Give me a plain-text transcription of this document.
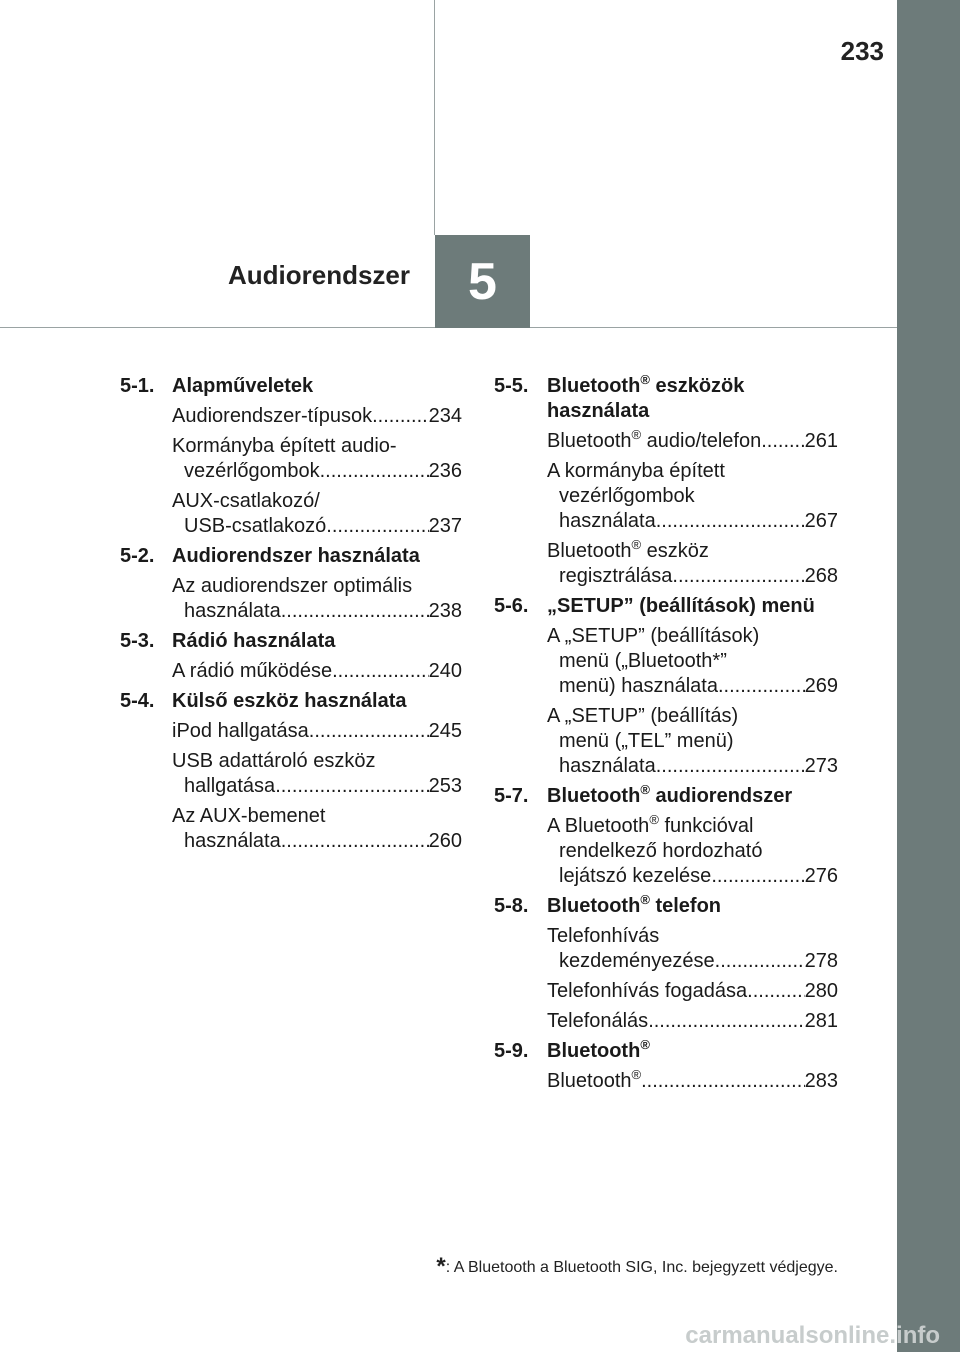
233
Audiorendszer 5
5-1. Alapműveletek
Audiorendszer-típusok .....	234
Kormányba épített audio-
vezérlőgombok .....	236
AUX-csatlakozó/
USB-csatlakozó .....	237
5-2. Audiorendszer használata
Az audiorendszer optimális
használata .....	238
5-3. Rádió használata
A rádió működése .....	240
5-4. Külső eszköz használata
iPod hallgatása .....	245
USB adattároló eszköz
hallgatása .....	253
Az AUX-bemenet
használata .....	260
5-5. Bluetooth® eszközök
használata
Bluetooth® audio/telefon ..... 261
A kormányba épített
vezérlőgombok
használata .....	267
Bluetooth® eszköz
regisztrálása .....	268
5-6. „SETUP” (beállítások) menü
A „SETUP” (beállítások)
menü („Bluetooth*”
menü) használata .....	269
A „SETUP” (beállítás)
menü („TEL” menü)
használata .....	273
5-7. Bluetooth® audiorendszer
A Bluetooth® funkcióval
rendelkező hordozható
lejátszó kezelése .....	276
5-8. Bluetooth® telefon
Telefonhívás
kezdeményezése .....	278
Telefonhívás fogadása .....	280
Telefonálás .....	281
5-9. Bluetooth®
Bluetooth® .....	283
*: A Bluetooth a Bluetooth SIG, Inc. bejegyzett védjegye.
carmanualsonline.info
